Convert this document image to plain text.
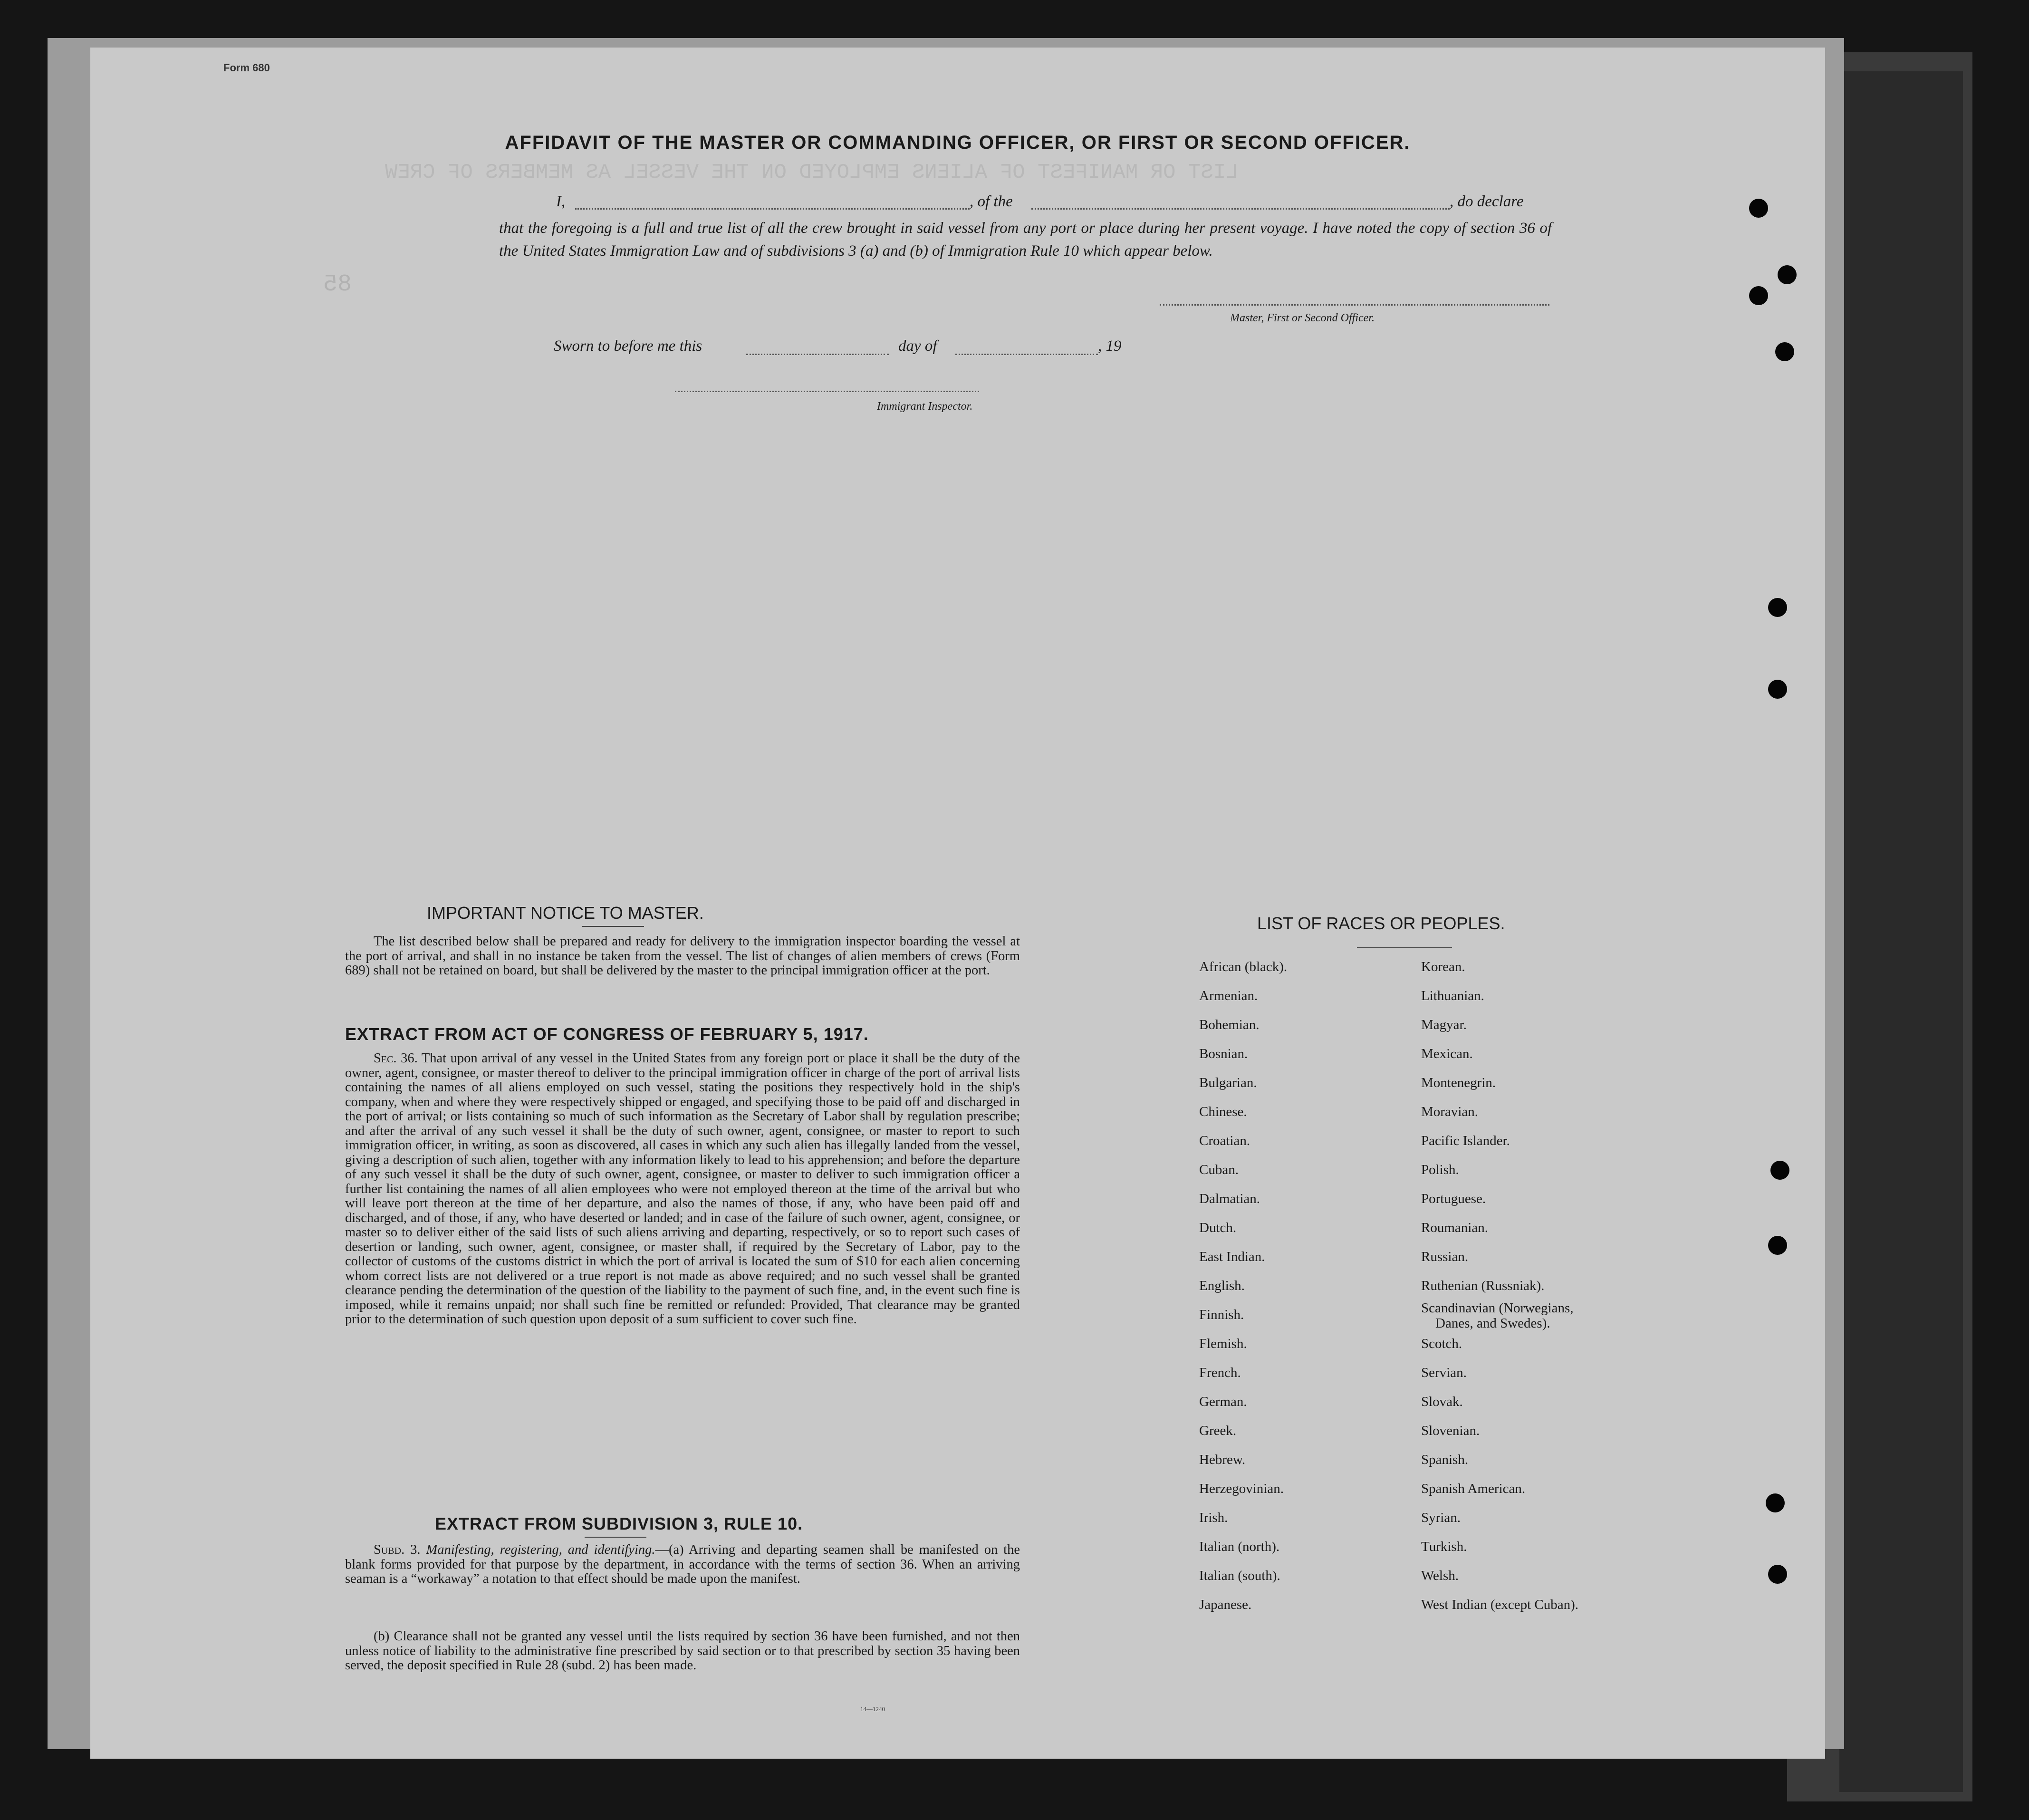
LIST OR MANIFEST OF ALIENS EMPLOYED ON THE VESSEL AS MEMBERS OF CREW
85
Form 680
AFFIDAVIT OF THE MASTER OR COMMANDING OFFICER, OR FIRST OR SECOND OFFICER.
I,	, of the	, do declare
that the foregoing is a full and true list of all the crew brought in said vessel from any port or place during her present voyage. I have noted the copy of section 36 of the United States Immigration Law and of subdivisions 3 (a) and (b) of Immigration Rule 10 which appear below.
Master, First or Second Officer.
Sworn to before me this	day of	, 19
Immigrant Inspector.
IMPORTANT NOTICE TO MASTER.
The list described below shall be prepared and ready for delivery to the immigration inspector boarding the vessel at the port of arrival, and shall in no instance be taken from the vessel. The list of changes of alien members of crews (Form 689) shall not be retained on board, but shall be delivered by the master to the principal immigration officer at the port.
EXTRACT FROM ACT OF CONGRESS OF FEBRUARY 5, 1917.
Sec. 36. That upon arrival of any vessel in the United States from any foreign port or place it shall be the duty of the owner, agent, consignee, or master thereof to deliver to the principal immigration officer in charge of the port of arrival lists containing the names of all aliens employed on such vessel, stating the positions they respectively hold in the ship's company, when and where they were respectively shipped or engaged, and specifying those to be paid off and discharged in the port of arrival; or lists containing so much of such information as the Secretary of Labor shall by regulation prescribe; and after the arrival of any such vessel it shall be the duty of such owner, agent, consignee, or master to report to such immigration officer, in writing, as soon as discovered, all cases in which any such alien has illegally landed from the vessel, giving a description of such alien, together with any information likely to lead to his apprehension; and before the departure of any such vessel it shall be the duty of such owner, agent, consignee, or master to deliver to such immigration officer a further list containing the names of all alien employees who were not employed thereon at the time of the arrival but who will leave port thereon at the time of her departure, and also the names of those, if any, who have been paid off and discharged, and of those, if any, who have deserted or landed; and in case of the failure of such owner, agent, consignee, or master so to deliver either of the said lists of such aliens arriving and departing, respectively, or so to report such cases of desertion or landing, such owner, agent, consignee, or master shall, if required by the Secretary of Labor, pay to the collector of customs of the customs district in which the port of arrival is located the sum of $10 for each alien concerning whom correct lists are not delivered or a true report is not made as above required; and no such vessel shall be granted clearance pending the determination of the question of the liability to the payment of such fine, and, in the event such fine is imposed, while it remains unpaid; nor shall such fine be remitted or refunded: Provided, That clearance may be granted prior to the determination of such question upon deposit of a sum sufficient to cover such fine.
EXTRACT FROM SUBDIVISION 3, RULE 10.
Subd. 3. Manifesting, registering, and identifying.—(a) Arriving and departing seamen shall be manifested on the blank forms provided for that purpose by the department, in accordance with the terms of section 36. When an arriving seaman is a “workaway” a notation to that effect should be made upon the manifest.
(b) Clearance shall not be granted any vessel until the lists required by section 36 have been furnished, and not then unless notice of liability to the administrative fine prescribed by said section or to that prescribed by section 35 having been served, the deposit specified in Rule 28 (subd. 2) has been made.
14—1240
LIST OF RACES OR PEOPLES.
African (black).
Armenian.
Bohemian.
Bosnian.
Bulgarian.
Chinese.
Croatian.
Cuban.
Dalmatian.
Dutch.
East Indian.
English.
Finnish.
Flemish.
French.
German.
Greek.
Hebrew.
Herzegovinian.
Irish.
Italian (north).
Italian (south).
Japanese.
Korean.
Lithuanian.
Magyar.
Mexican.
Montenegrin.
Moravian.
Pacific Islander.
Polish.
Portuguese.
Roumanian.
Russian.
Ruthenian (Russniak).
Scandinavian (Norwegians,
Danes, and Swedes).
Scotch.
Servian.
Slovak.
Slovenian.
Spanish.
Spanish American.
Syrian.
Turkish.
Welsh.
West Indian (except Cuban).
